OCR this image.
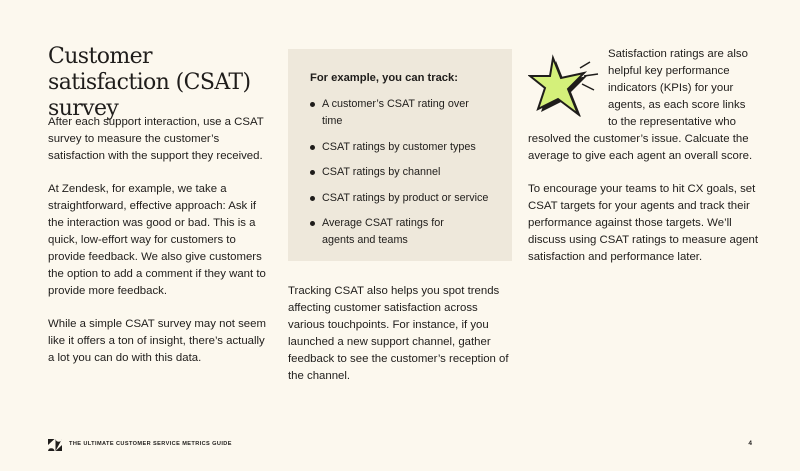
Customer satisfaction (CSAT) survey

After each support interaction, use a CSAT survey to measure the customer’s satisfaction with the support they received.

At Zendesk, for example, we take a straightforward, effective approach: Ask if the interaction was good or bad. This is a quick, low-effort way for customers to provide feedback. We also give customers the option to add a comment if they want to provide more feedback.

While a simple CSAT survey may not seem like it offers a ton of insight, there’s actually a lot you can do with this data.

For example, you can track:

A customer’s CSAT rating over time
CSAT ratings by customer types
CSAT ratings by channel
CSAT ratings by product or service
Average CSAT ratings for agents and teams

Tracking CSAT also helps you spot trends affecting customer satisfaction across various touchpoints. For instance, if you launched a new support channel, gather feedback to see the customer’s reception of the channel.

Satisfaction ratings are also
helpful key performance
indicators (KPIs) for your
agents, as each score links
to the representative who
resolved the customer’s issue. Calcuate the average to give each agent an overall score.

To encourage your teams to hit CX goals, set CSAT targets for your agents and track their performance against those targets. We’ll discuss using CSAT ratings to measure agent satisfaction and performance later.

THE ULTIMATE CUSTOMER SERVICE METRICS GUIDE	4
